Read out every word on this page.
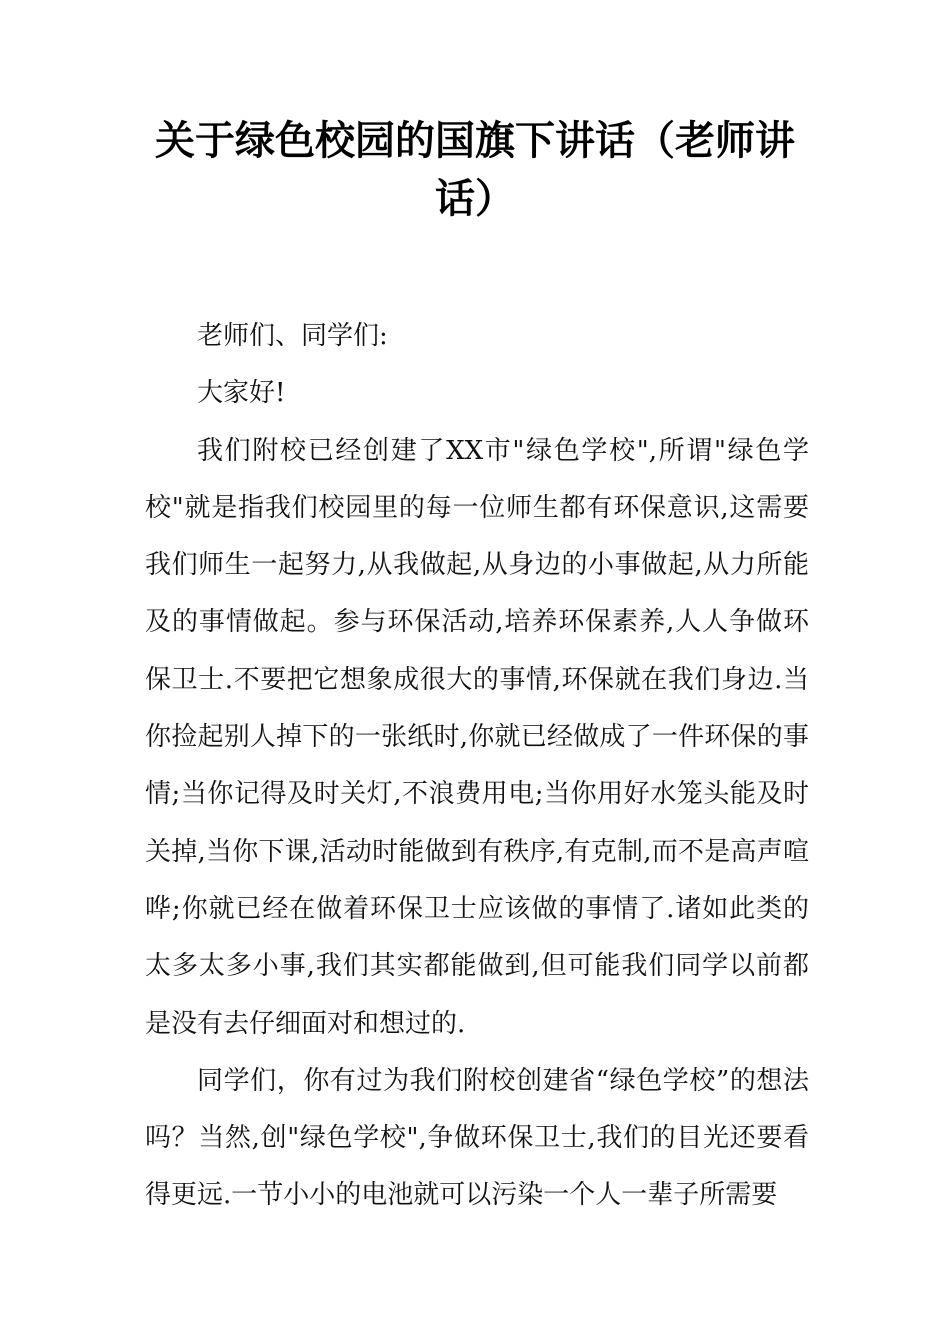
关于绿色校园的国旗下讲话（老师讲话）

老师们、同学们:

大家好!

我们附校已经创建了XX市"绿色学校",所谓"绿色学校"就是指我们校园里的每一位师生都有环保意识,这需要我们师生一起努力,从我做起,从身边的小事做起,从力所能及的事情做起。参与环保活动,培养环保素养,人人争做环保卫士.不要把它想象成很大的事情,环保就在我们身边.当你捡起别人掉下的一张纸时,你就已经做成了一件环保的事情;当你记得及时关灯,不浪费用电;当你用好水笼头能及时关掉,当你下课,活动时能做到有秩序,有克制,而不是高声喧哗;你就已经在做着环保卫士应该做的事情了.诸如此类的太多太多小事,我们其实都能做到,但可能我们同学以前都是没有去仔细面对和想过的.

同学们，你有过为我们附校创建省“绿色学校”的想法吗？当然,创"绿色学校",争做环保卫士,我们的目光还要看得更远.一节小小的电池就可以污染一个人一辈子所需要
